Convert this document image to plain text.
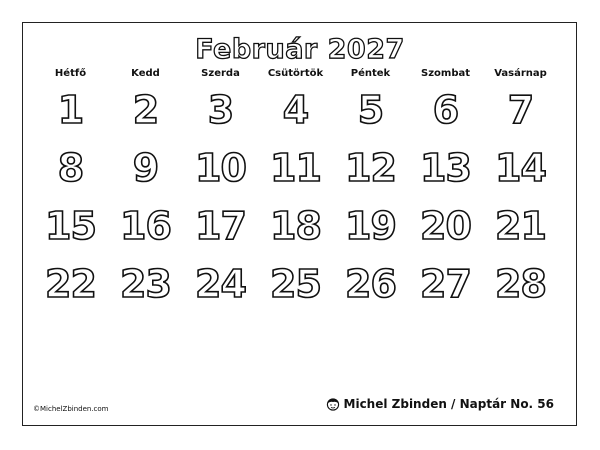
Február 2027
Hétfő	Kedd	Szerda	Csütörtök	Péntek	Szombat	Vasárnap
1	2	3	4	5	6	7
8	9 10 11 12 13 14
15 16 17 18 19 20 21
22 23 24 25 26 27 28
©MichelZbinden.com	Michel Zbinden / Naptár No. 56
